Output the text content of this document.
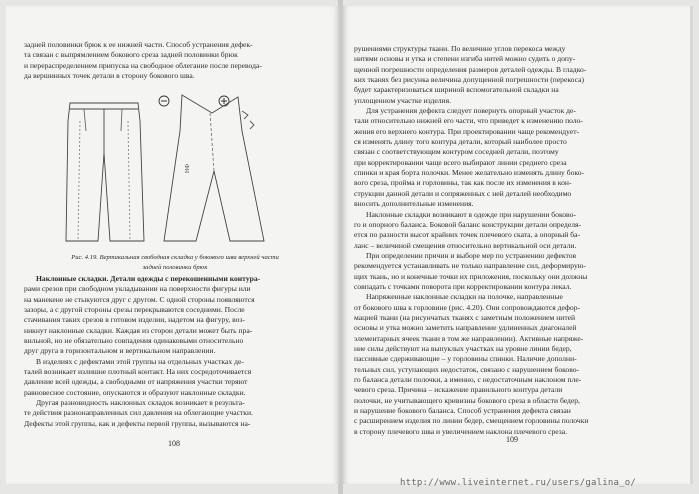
задней половинки брюк к ее нижней части. Способ устранения дефек-
та связан с выпрямлением бокового среза задней половинки брюк
и перераспределением припуска на свободное облегание после перевода-
да вершинных точек детали в сторону бокового шва.
НФ
Рис. 4.19. Вертикальная свободная складка у бокового шва верхней части
задней половинки брюк
Наклонные складки. Детали одежды с перекошенными контура-
рами срезов при свободном укладывании на поверхности фигуры или
на манекене не стыкуются друг с другом. С одной стороны появляются
зазоры, а с другой стороны срезы перекрываются соседними. После
стачивания таких срезов в готовом изделии, надетом на фигуру, воз-
никнут наклонные складки. Каждая из сторон детали может быть пра-
вильной, но не обязательно совпадения одинаковыми относительно
друг друга в горизонтальном и вертикальном направлении.
В изделиях с дефектами этой группы на отдельных участках де-
талей возникает излишне плотный контакт. На них сосредоточивается
давление всей одежды, а свободными от напряжения участки теряют
равновесное состояние, опускаются и образуют наклонные складки.
Другая разновидность наклонных складок возникает в результа-
те действия разнонаправленных сил давления на облегающие участки.
Дефекты этой группы, как и дефекты первой группы, вызываются на-
108
рушениями структуры ткани. По величине углов перекоса между
нитями основы и утка и степени изгиба нитей можно судить о допу-
щенной погрешности определения размеров деталей одежды. В гладко-
ких тканях без рисунка величина допущенной погрешности (перекоса)
будет характеризоваться шириной вспомогательной складки на
уплощенном участке изделия.
Для устранения дефекта следует повернуть опорный участок де-
тали относительно нижней его части, что приведет к изменению поло-
жения его верхнего контура. При проектировании чаще рекомендует-
ся изменять длину того контура детали, который наиболее просто
связан с соответствующим контуром соседней детали, поэтому
при корректировании чаще всего выбирают линии среднего среза
спинки и края борта полочки. Менее желательно изменять длину боко-
вого среза, пройма и горловины, так как после их изменения в кон-
струкции данной детали и сопряженных с ней деталей необходимо
вносить дополнительные изменения.
Наклонные складки возникают в одежде при нарушении боково-
го и опорного баланса. Боковой баланс конструкции детали определя-
ется по разности высот крайних точек плечевого ската, а опорный ба-
ланс – величиной смещения относительно вертикальной оси детали.
При определении причин и выборе мер по устранению дефектов
рекомендуется устанавливать не только направление сил, деформирую-
щих ткань, но и конечные точки их приложения, поскольку они должны
совпадать с точками поворота при корректировании контура лекал.
Напряженные наклонные складки на полочке, направленные
от бокового шва к горловине (рис. 4.20). Они сопровождаются дефор-
мацией ткани (на рисунчатых тканях с заметным положением нитей
основы и утка можно заметить направление удлиненных диагоналей
элементарных ячеек ткани в том же направлении). Активные напряже-
ние силы действуют на выпуклых участках на уровне линии бедер,
пассивные сдерживающие – у горловины спинки. Наличие дополни-
тельных сил, уступающих недостаток, связано с нарушением боково-
го баланса детали полочки, а именно, с недостаточным наклоном пле-
чевого среза. Причина – искажение правильного контура детали
полочки, не учитывающего кривизны бокового среза в области бедер,
и нарушение бокового баланса. Способ устранения дефекта связан
с расширением изделия по линии бедер, смещением горловины полочки
в сторону плечевого шва и увеличением наклона плечевого среза.
109
http://www.liveinternet.ru/users/galina_o/
